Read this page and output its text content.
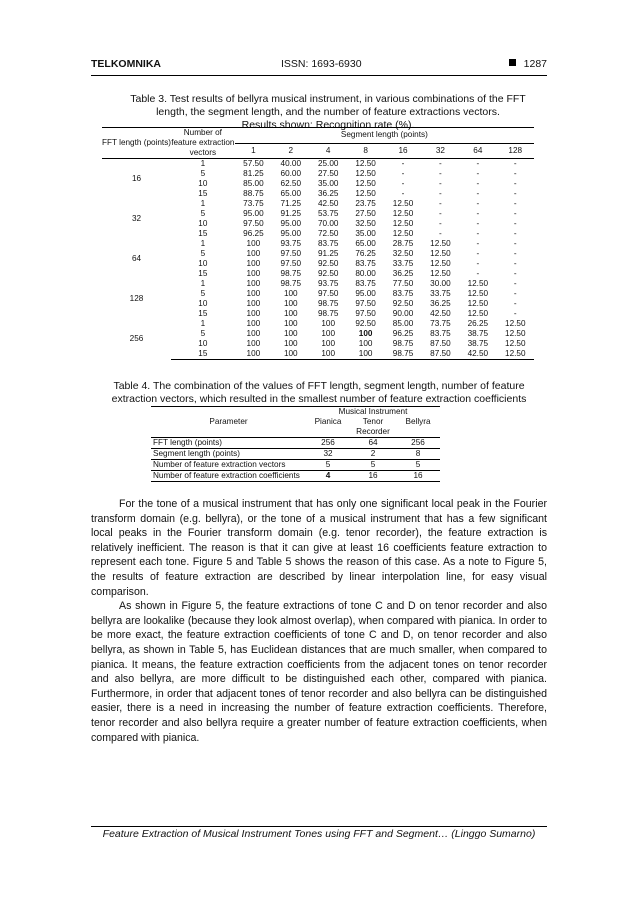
TELKOMNIKA	ISSN: 1693-6930	1287
Table 3. Test results of bellyra musical instrument, in various combinations of the FFT
length, the segment length, and the number of feature extractions vectors.
Results shown: Recognition rate (%).
FFT length (points)	Number of feature extraction vectors	Segment length (points)							
		1	2	4	8	16	32	64	128
16	1	57.50	40.00	25.00	12.50	-	-	-	-
	5	81.25	60.00	27.50	12.50	-	-	-	-
	10	85.00	62.50	35.00	12.50	-	-	-	-
	15	88.75	65.00	36.25	12.50	-	-	-	-
32	1	73.75	71.25	42.50	23.75	12.50	-	-	-
	5	95.00	91.25	53.75	27.50	12.50	-	-	-
	10	97.50	95.00	70.00	32.50	12.50	-	-	-
	15	96.25	95.00	72.50	35.00	12.50	-	-	-
64	1	100	93.75	83.75	65.00	28.75	12.50	-	-
	5	100	97.50	91.25	76.25	32.50	12.50	-	-
	10	100	97.50	92.50	83.75	33.75	12.50	-	-
	15	100	98.75	92.50	80.00	36.25	12.50	-	-
128	1	100	98.75	93.75	83.75	77.50	30.00	12.50	-
	5	100	100	97.50	95.00	83.75	33.75	12.50	-
	10	100	100	98.75	97.50	92.50	36.25	12.50	-
	15	100	100	98.75	97.50	90.00	42.50	12.50	-
256	1	100	100	100	92.50	85.00	73.75	26.25	12.50
	5	100	100	100	100	96.25	83.75	38.75	12.50
	10	100	100	100	100	98.75	87.50	38.75	12.50
	15	100	100	100	100	98.75	87.50	42.50	12.50
Table 4. The combination of the values of FFT length, segment length, number of feature
extraction vectors, which resulted in the smallest number of feature extraction coefficients
Parameter	Musical Instrument		
	Pianica	Tenor Recorder	Bellyra
FFT length (points)	256	64	256
Segment length (points)	32	2	8
Number of feature extraction vectors	5	5	5
Number of feature extraction coefficients	4	16	16

For the tone of a musical instrument that has only one significant local peak in the Fourier transform domain (e.g. bellyra), or the tone of a musical instrument that has a few significant local peaks in the Fourier transform domain (e.g. tenor recorder), the feature extraction is relatively inefficient. The reason is that it can give at least 16 coefficients feature extraction to represent each tone. Figure 5 and Table 5 shows the reason of this case. As a note to Figure 5, the results of feature extraction are described by linear interpolation line, for easy visual comparison.

As shown in Figure 5, the feature extractions of tone C and D on tenor recorder and also bellyra are lookalike (because they look almost overlap), when compared with pianica. In order to be more exact, the feature extraction coefficients of tone C and D, on tenor recorder and also bellyra, as shown in Table 5, has Euclidean distances that are much smaller, when compared to pianica. It means, the feature extraction coefficients from the adjacent tones on tenor recorder and also bellyra, are more difficult to be distinguished each other, compared with pianica. Furthermore, in order that adjacent tones of tenor recorder and also bellyra can be distinguished easier, there is a need in increasing the number of feature extraction coefficients. Therefore, tenor recorder and also bellyra require a greater number of feature extraction coefficients, when compared with pianica.

Feature Extraction of Musical Instrument Tones using FFT and Segment… (Linggo Sumarno)
